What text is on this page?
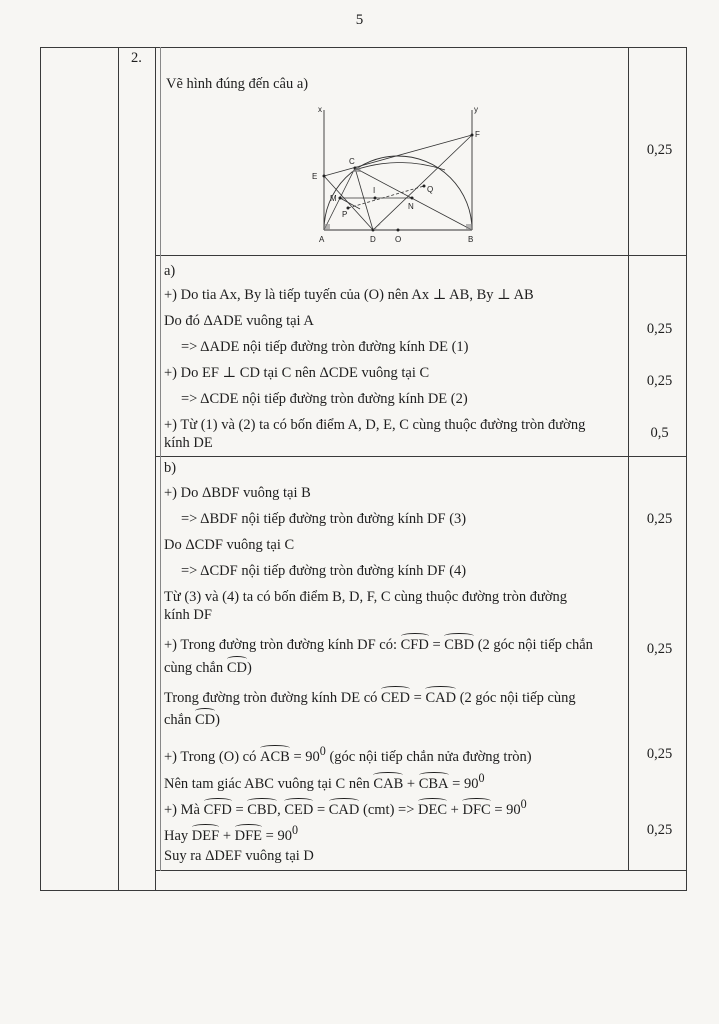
5
2.
Vẽ hình đúng đến câu a)
0,25
x	y
A	B
C
D O
E
F
M
N
P
Q
I
a)
+) Do tia Ax, By là tiếp tuyến của (O) nên Ax ⊥ AB, By ⊥ AB
Do đó ΔADE vuông tại A
=> ΔADE nội tiếp đường tròn đường kính DE (1)
+) Do EF ⊥ CD tại C nên ΔCDE vuông tại C
=> ΔCDE nội tiếp đường tròn đường kính DE (2)
+) Từ (1) và (2) ta có bốn điểm A, D, E, C cùng thuộc đường tròn đường
kính DE
0,25
0,25
0,5
b)
+) Do ΔBDF vuông tại B
=> ΔBDF nội tiếp đường tròn đường kính DF (3)
Do ΔCDF vuông tại C
=> ΔCDF nội tiếp đường tròn đường kính DF (4)
Từ (3) và (4) ta có bốn điểm B, D, F, C cùng thuộc đường tròn đường
kính DF
+) Trong đường tròn đường kính DF có: CFD = CBD (2 góc nội tiếp chắn
cùng chắn CD)
Trong đường tròn đường kính DE có CED = CAD (2 góc nội tiếp cùng
chắn CD)
+) Trong (O) có ACB = $90^0$ (góc nội tiếp chắn nửa đường tròn)
Nên tam giác ABC vuông tại C nên CAB + CBA = $90^0$
+) Mà CFD = CBD, CED = CAD (cmt) => DEC + DFC = $90^0$
Hay DEF + DFE = $90^0$
Suy ra ΔDEF vuông tại D
0,25
0,25
0,25
0,25
